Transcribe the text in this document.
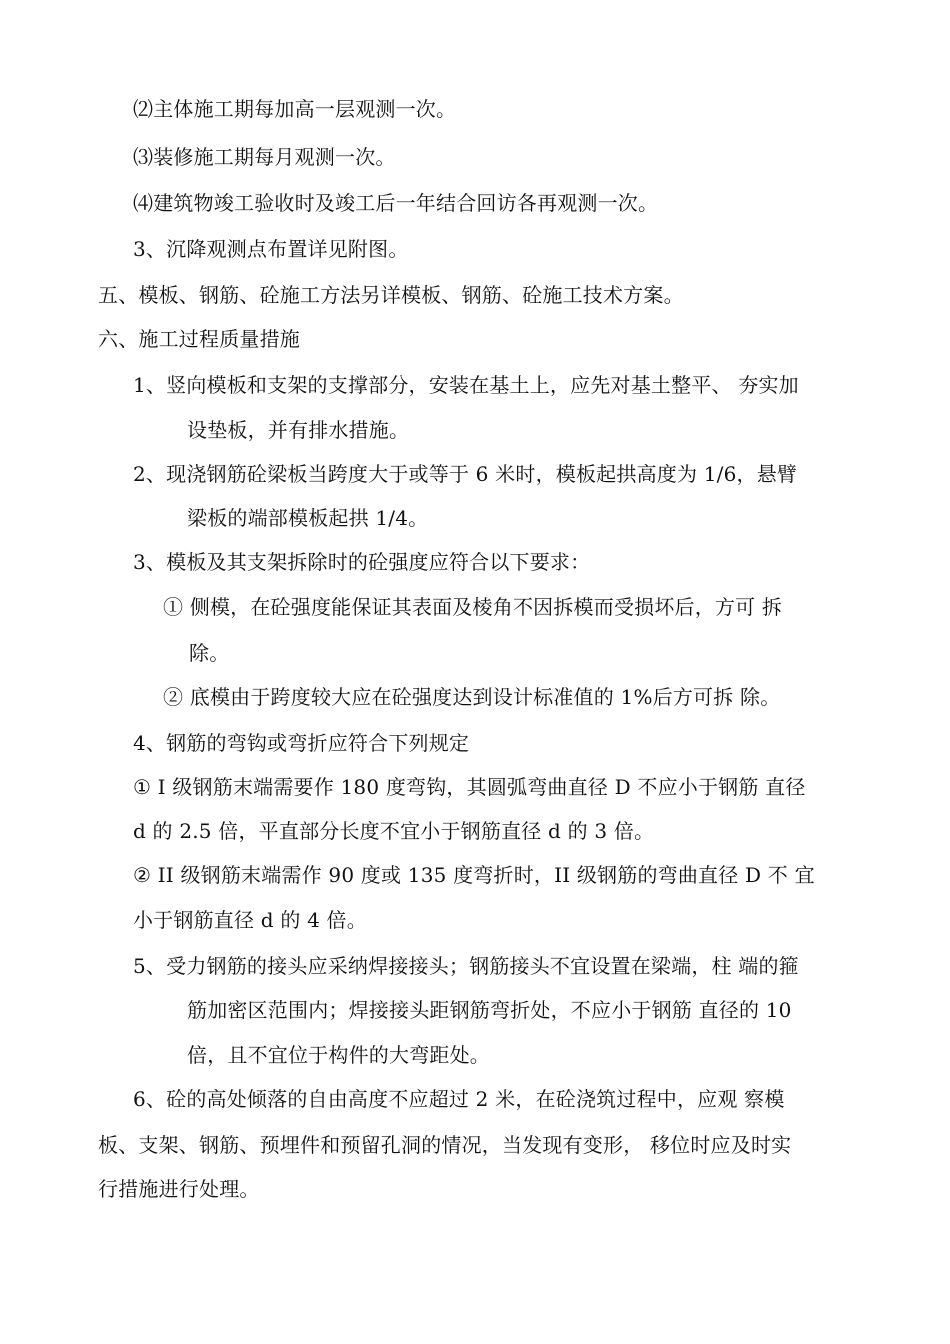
⑵主体施工期每加高一层观测一次。
⑶装修施工期每月观测一次。
⑷建筑物竣工验收时及竣工后一年结合回访各再观测一次。
3、沉降观测点布置详见附图。
五、模板、钢筋、砼施工方法另详模板、钢筋、砼施工技术方案。
六、施工过程质量措施
1、竖向模板和支架的支撑部分，安装在基土上，应先对基土整平、 夯实加
设垫板，并有排水措施。
2、现浇钢筋砼梁板当跨度大于或等于 6 米时，模板起拱高度为 1/6，悬臂
梁板的端部模板起拱 1/4。
3、模板及其支架拆除时的砼强度应符合以下要求：
① 侧模，在砼强度能保证其表面及棱角不因拆模而受损坏后，方可 拆
除。
② 底模由于跨度较大应在砼强度达到设计标准值的 1%后方可拆 除。
4、钢筋的弯钩或弯折应符合下列规定
① I 级钢筋末端需要作 180 度弯钩，其圆弧弯曲直径 D 不应小于钢筋 直径
d 的 2.5 倍，平直部分长度不宜小于钢筋直径 d 的 3 倍。
② II 级钢筋末端需作 90 度或 135 度弯折时，II 级钢筋的弯曲直径 D 不 宜
小于钢筋直径 d 的 4 倍。
5、受力钢筋的接头应采纳焊接接头；钢筋接头不宜设置在梁端，柱 端的箍
筋加密区范围内；焊接接头距钢筋弯折处，不应小于钢筋 直径的 10
倍，且不宜位于构件的大弯距处。
6、砼的高处倾落的自由高度不应超过 2 米，在砼浇筑过程中，应观 察模
板、支架、钢筋、预埋件和预留孔洞的情况，当发现有变形， 移位时应及时实
行措施进行处理。
